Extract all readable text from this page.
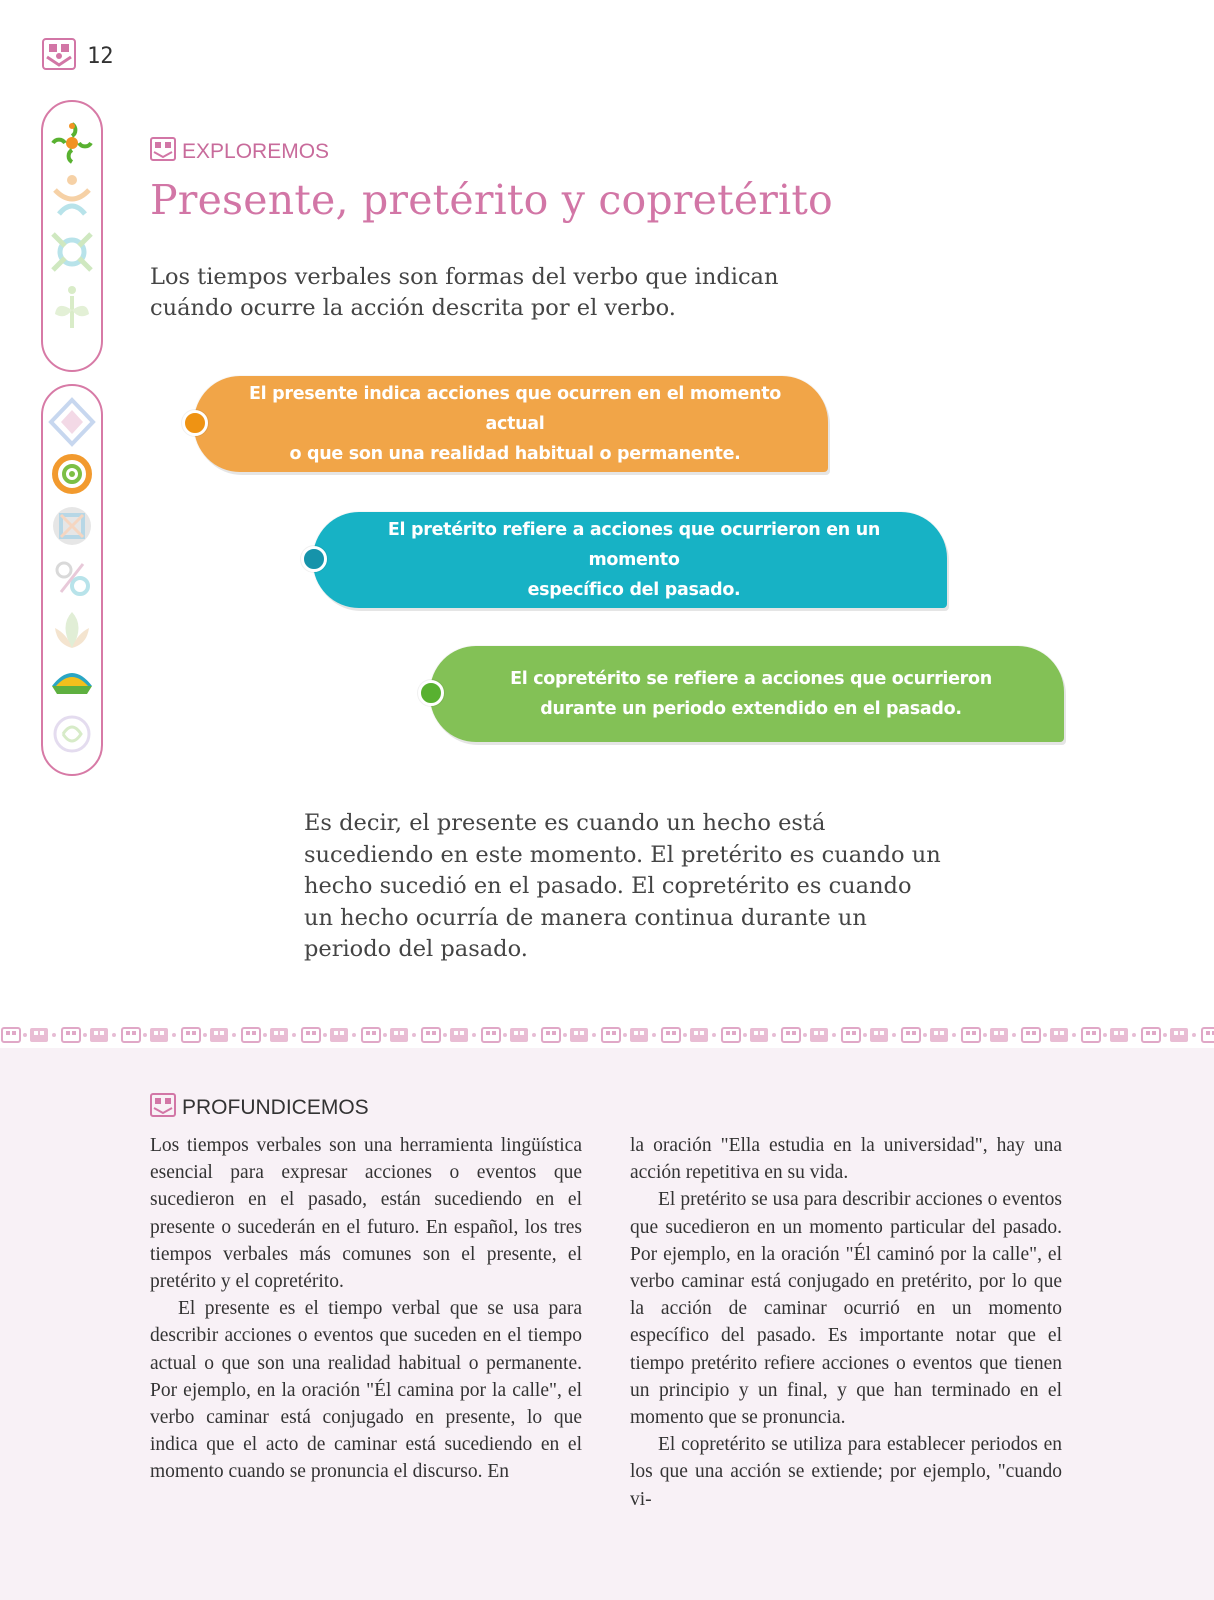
12
EXPLOREMOS
Presente, pretérito y copretérito
Los tiempos verbales son formas del verbo que indican cuándo ocurre la acción descrita por el verbo.
El presente indica acciones que ocurren en el momento actual
o que son una realidad habitual o permanente.
El pretérito refiere a acciones que ocurrieron en un momento
específico del pasado.
El copretérito se refiere a acciones que ocurrieron
durante un periodo extendido en el pasado.
Es decir, el presente es cuando un hecho está sucediendo en este momento. El pretérito es cuando un hecho sucedió en el pasado. El copretérito es cuando un hecho ocurría de manera continua durante un periodo del pasado.
PROFUNDICEMOS

Los tiempos verbales son una herramienta lingüística esencial para expresar acciones o eventos que sucedieron en el pasado, están sucediendo en el presente o sucederán en el futuro. En español, los tres tiempos verbales más comunes son el presente, el pretérito y el copretérito.

El presente es el tiempo verbal que se usa para describir acciones o eventos que suceden en el tiempo actual o que son una realidad habitual o permanente. Por ejemplo, en la oración "Él camina por la calle", el verbo caminar está conjugado en presente, lo que indica que el acto de caminar está sucediendo en el momento cuando se pronuncia el discurso. En

la oración "Ella estudia en la universidad", hay una acción repetitiva en su vida.

El pretérito se usa para describir acciones o eventos que sucedieron en un momento particular del pasado. Por ejemplo, en la oración "Él caminó por la calle", el verbo caminar está conjugado en pretérito, por lo que la acción de caminar ocurrió en un momento específico del pasado. Es importante notar que el tiempo pretérito refiere acciones o eventos que tienen un principio y un final, y que han terminado en el momento que se pronuncia.

El copretérito se utiliza para establecer periodos en los que una acción se extiende; por ejemplo, "cuando vi-
